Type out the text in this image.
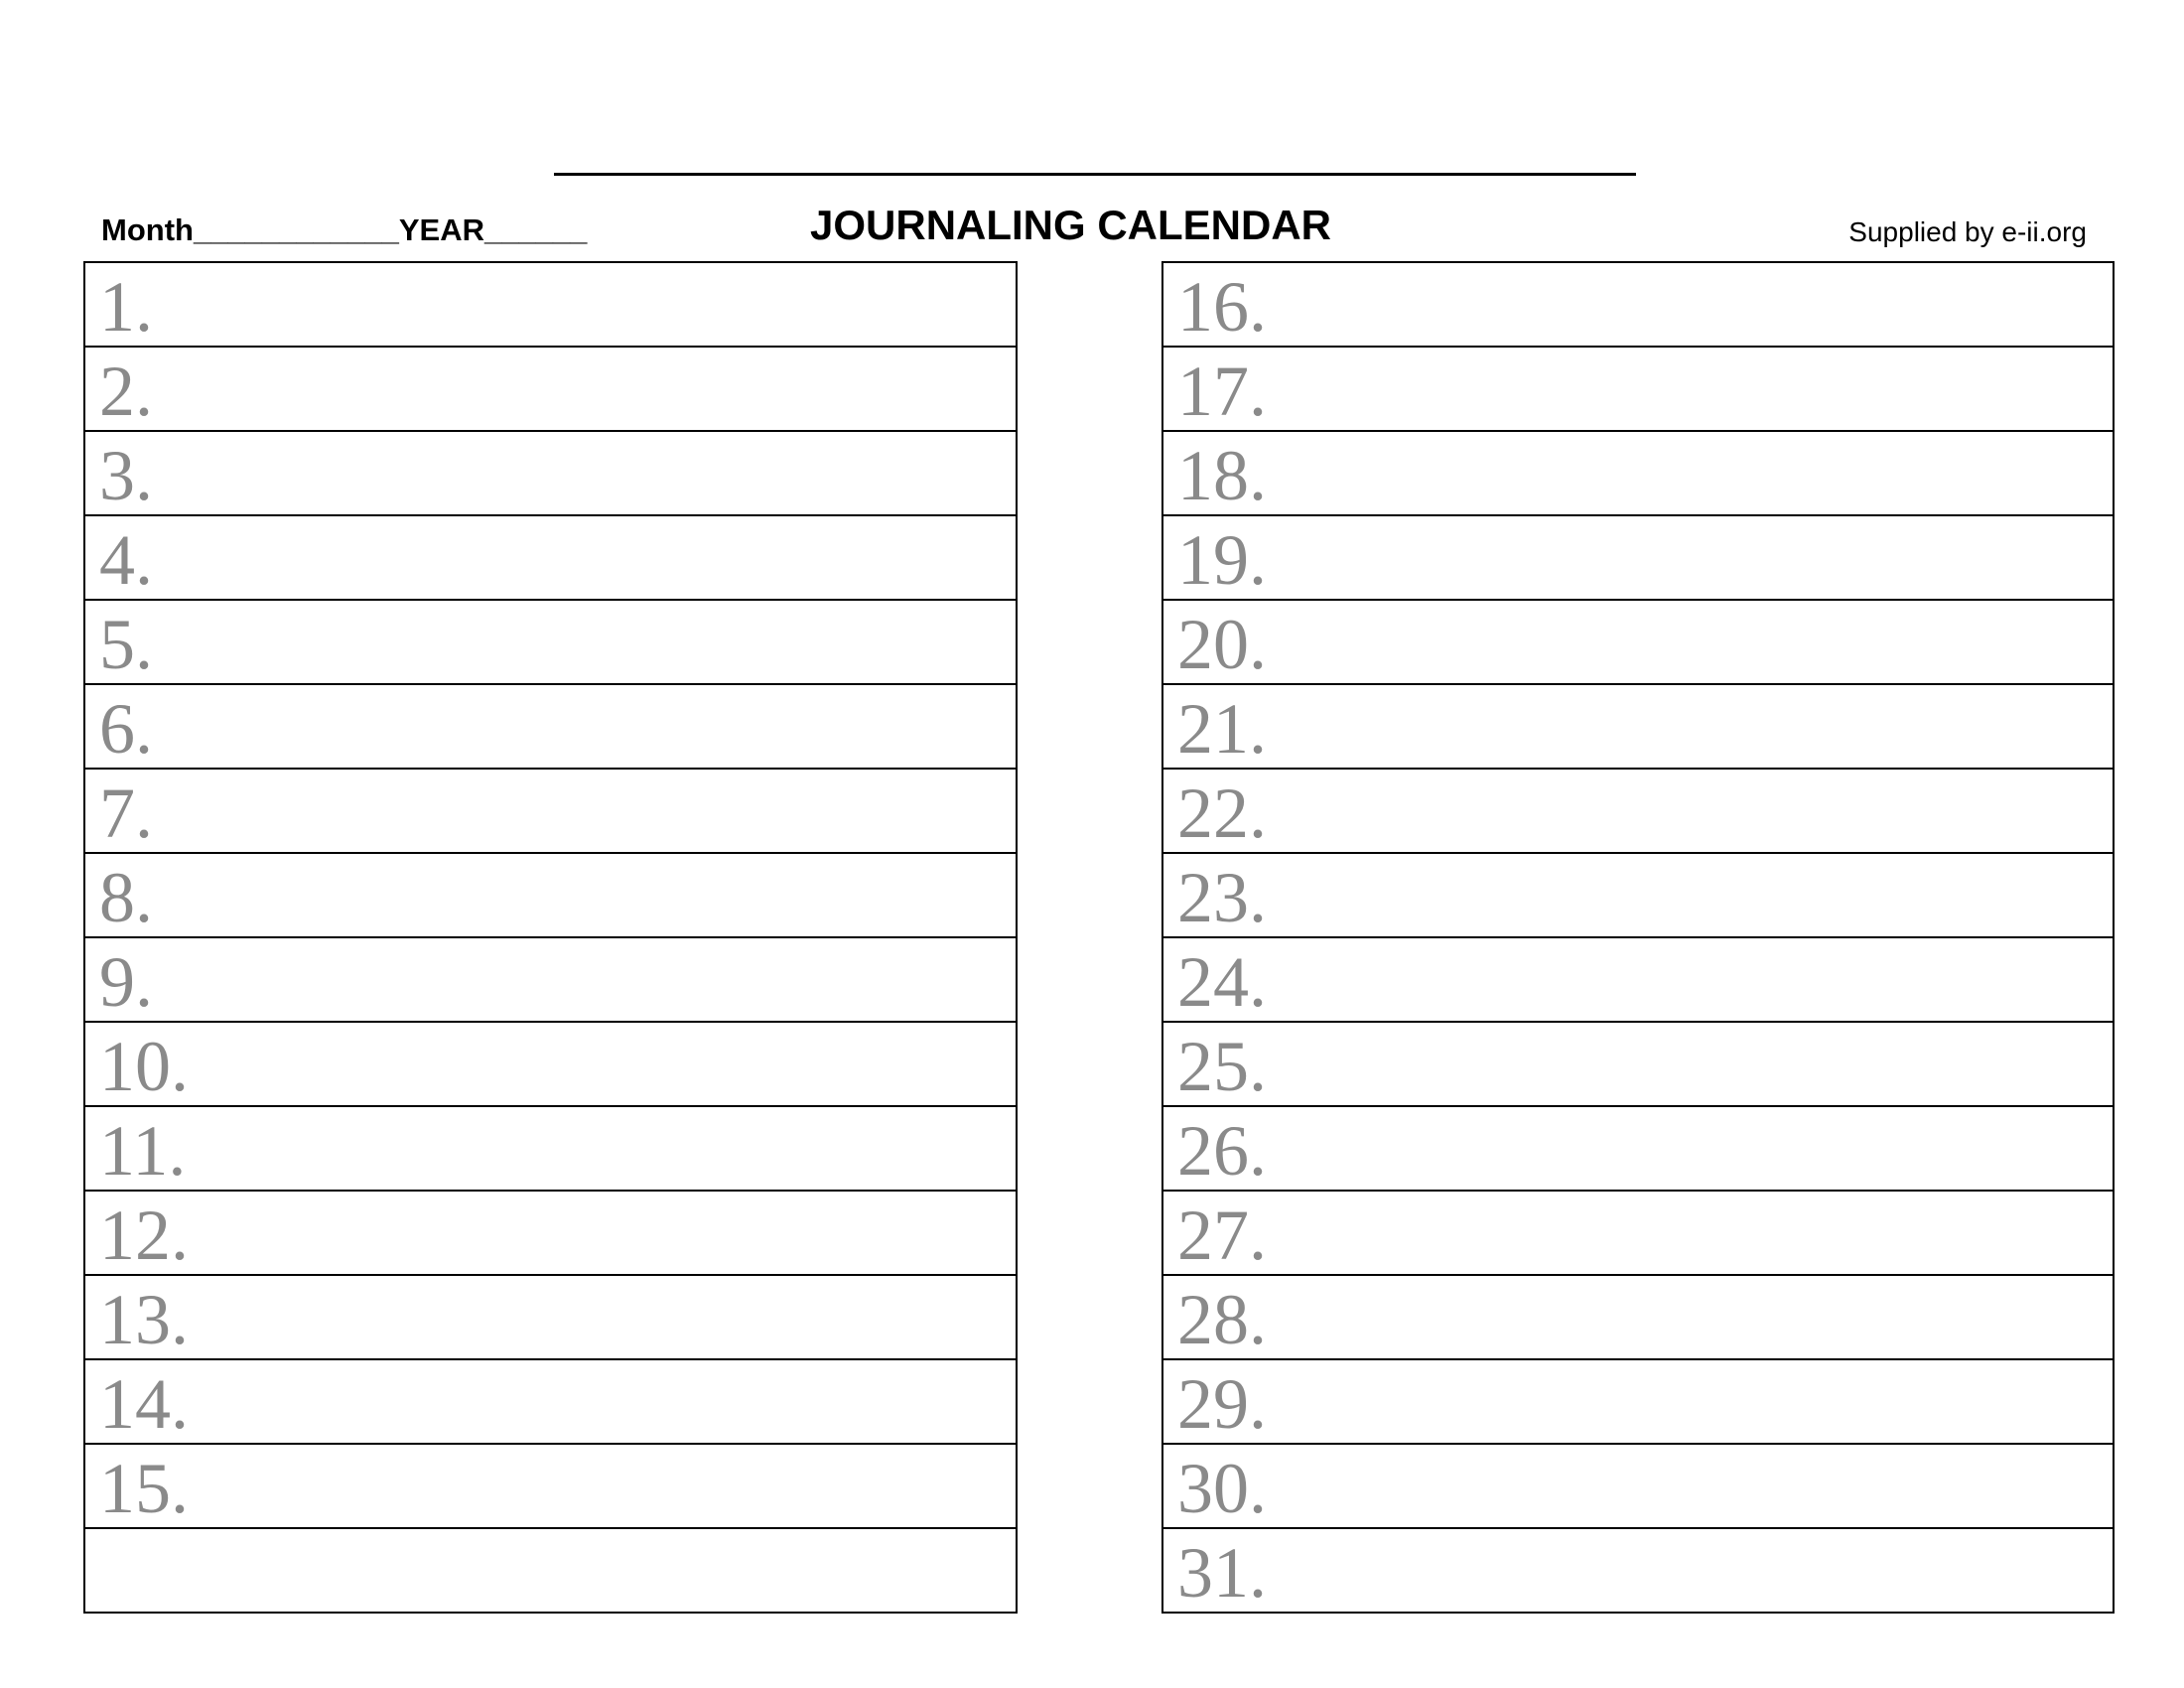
Month____________YEAR______	JOURNALING CALENDAR	Supplied by e-ii.org
1.
2.
3.
4.
5.
6.
7.
8.
9.
10.
11.
12.
13.
14.
15.
16.
17.
18.
19.
20.
21.
22.
23.
24.
25.
26.
27.
28.
29.
30.
31.
